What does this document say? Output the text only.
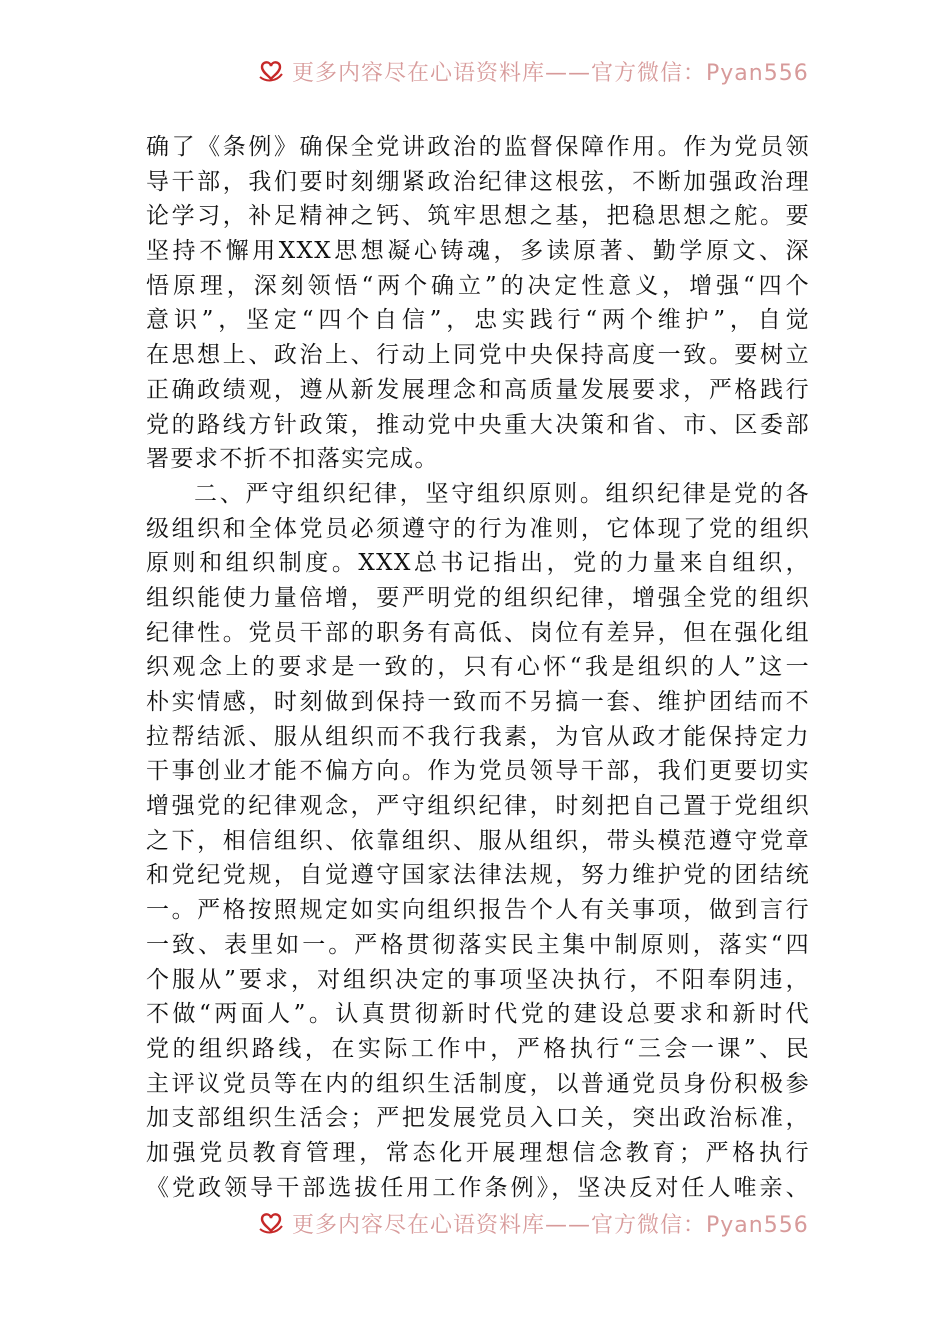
更多内容尽在心语资料库——官方微信：Pyan556
确了《条例》确保全党讲政治的监督保障作用。作为党员领
导干部，我们要时刻绷紧政治纪律这根弦，不断加强政治理
论学习，补足精神之钙、筑牢思想之基，把稳思想之舵。要
坚持不懈用XXX思想凝心铸魂，多读原著、勤学原文、深
悟原理，深刻领悟“两个确立”的决定性意义，增强“四个
意识”，坚定“四个自信”，忠实践行“两个维护”，自觉
在思想上、政治上、行动上同党中央保持高度一致。要树立
正确政绩观，遵从新发展理念和高质量发展要求，严格践行
党的路线方针政策，推动党中央重大决策和省、市、区委部
署要求不折不扣落实完成。
二、严守组织纪律，坚守组织原则。组织纪律是党的各
级组织和全体党员必须遵守的行为准则，它体现了党的组织
原则和组织制度。XXX总书记指出，党的力量来自组织，
组织能使力量倍增，要严明党的组织纪律，增强全党的组织
纪律性。党员干部的职务有高低、岗位有差异，但在强化组
织观念上的要求是一致的，只有心怀“我是组织的人”这一
朴实情感，时刻做到保持一致而不另搞一套、维护团结而不
拉帮结派、服从组织而不我行我素，为官从政才能保持定力
干事创业才能不偏方向。作为党员领导干部，我们更要切实
增强党的纪律观念，严守组织纪律，时刻把自己置于党组织
之下，相信组织、依靠组织、服从组织，带头模范遵守党章
和党纪党规，自觉遵守国家法律法规，努力维护党的团结统
一。严格按照规定如实向组织报告个人有关事项，做到言行
一致、表里如一。严格贯彻落实民主集中制原则，落实“四
个服从”要求，对组织决定的事项坚决执行，不阳奉阴违，
不做“两面人”。认真贯彻新时代党的建设总要求和新时代
党的组织路线，在实际工作中，严格执行“三会一课”、民
主评议党员等在内的组织生活制度，以普通党员身份积极参
加支部组织生活会；严把发展党员入口关，突出政治标准，
加强党员教育管理，常态化开展理想信念教育；严格执行
《党政领导干部选拔任用工作条例》，坚决反对任人唯亲、
更多内容尽在心语资料库——官方微信：Pyan556
